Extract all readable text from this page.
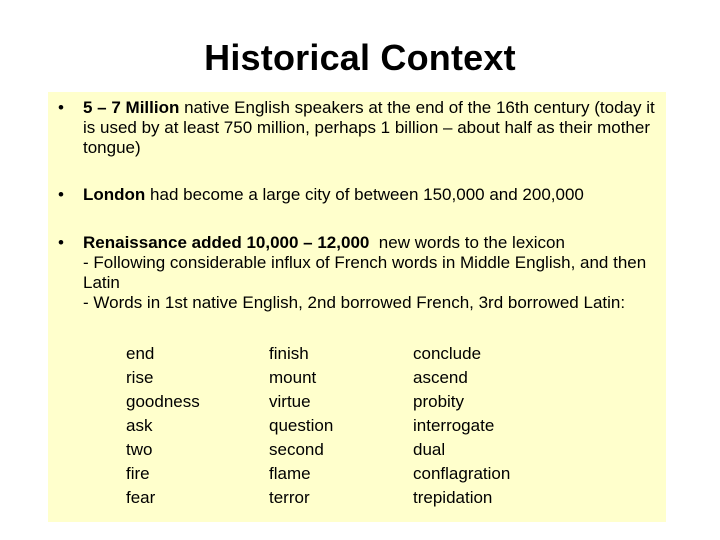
Historical Context
• 5 – 7 Million native English speakers at the end of the 16th century (today it is used by at least 750 million, perhaps 1 billion – about half as their mother tongue)
• London had become a large city of between 150,000 and 200,000
• Renaissance added 10,000 – 12,000  new words to the lexicon
- Following considerable influx of French words in Middle English, and then Latin
- Words in 1st native English, 2nd borrowed French, 3rd borrowed Latin:
end	finish	conclude
rise	mount	ascend
goodness	virtue	probity
ask	question	interrogate
two	second	dual
fire	flame	conflagration
fear	terror	trepidation
